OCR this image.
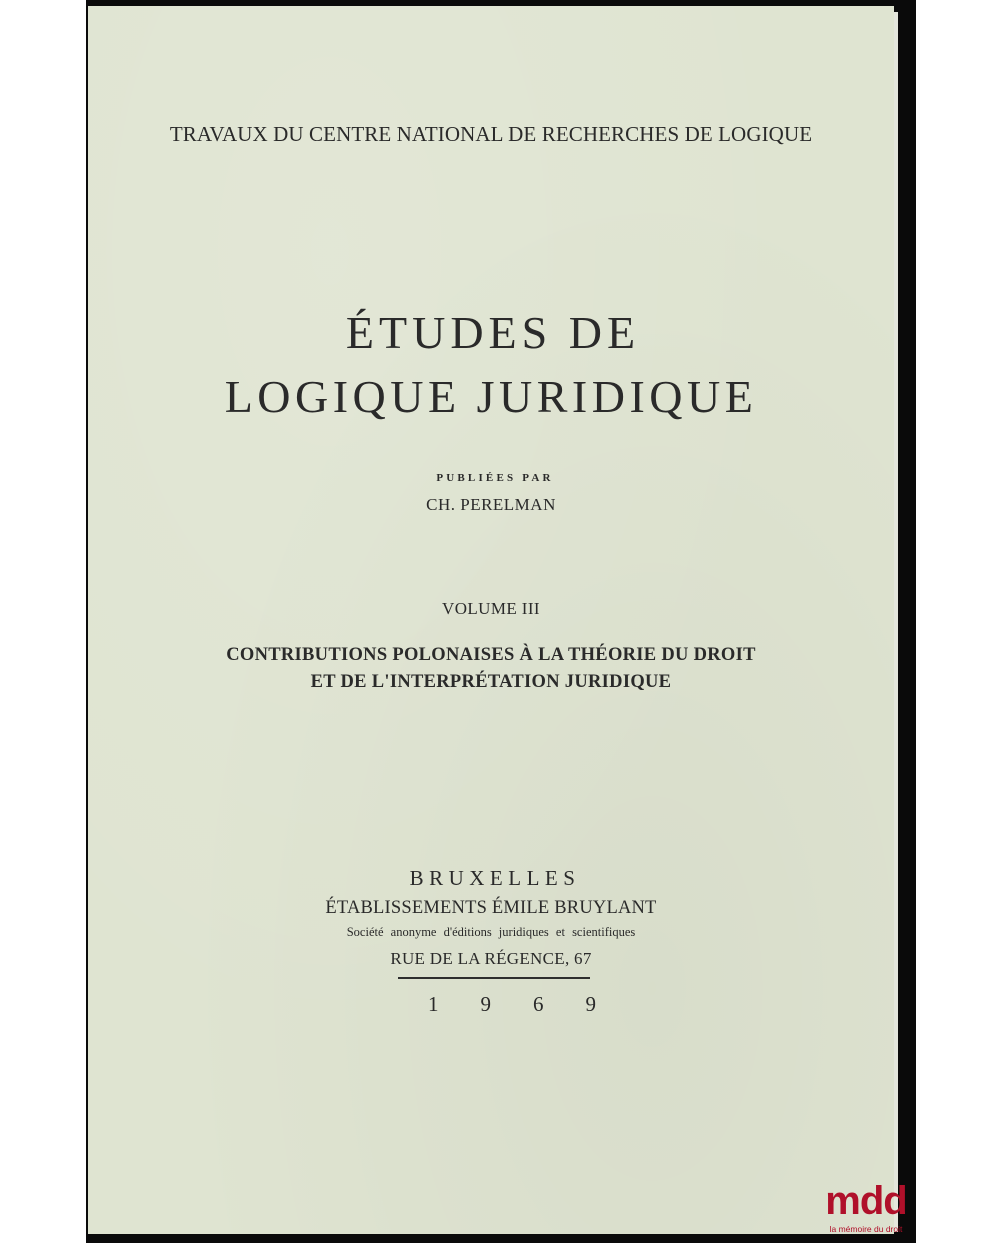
TRAVAUX DU CENTRE NATIONAL DE RECHERCHES DE LOGIQUE
ÉTUDES DE
LOGIQUE JURIDIQUE
PUBLIÉES PAR
CH. PERELMAN
VOLUME III
CONTRIBUTIONS POLONAISES À LA THÉORIE DU DROIT
ET DE L'INTERPRÉTATION JURIDIQUE
BRUXELLES
ÉTABLISSEMENTS ÉMILE BRUYLANT
Société anonyme d'éditions juridiques et scientifiques
RUE DE LA RÉGENCE, 67
1969
mdd
la mémoire du droit
